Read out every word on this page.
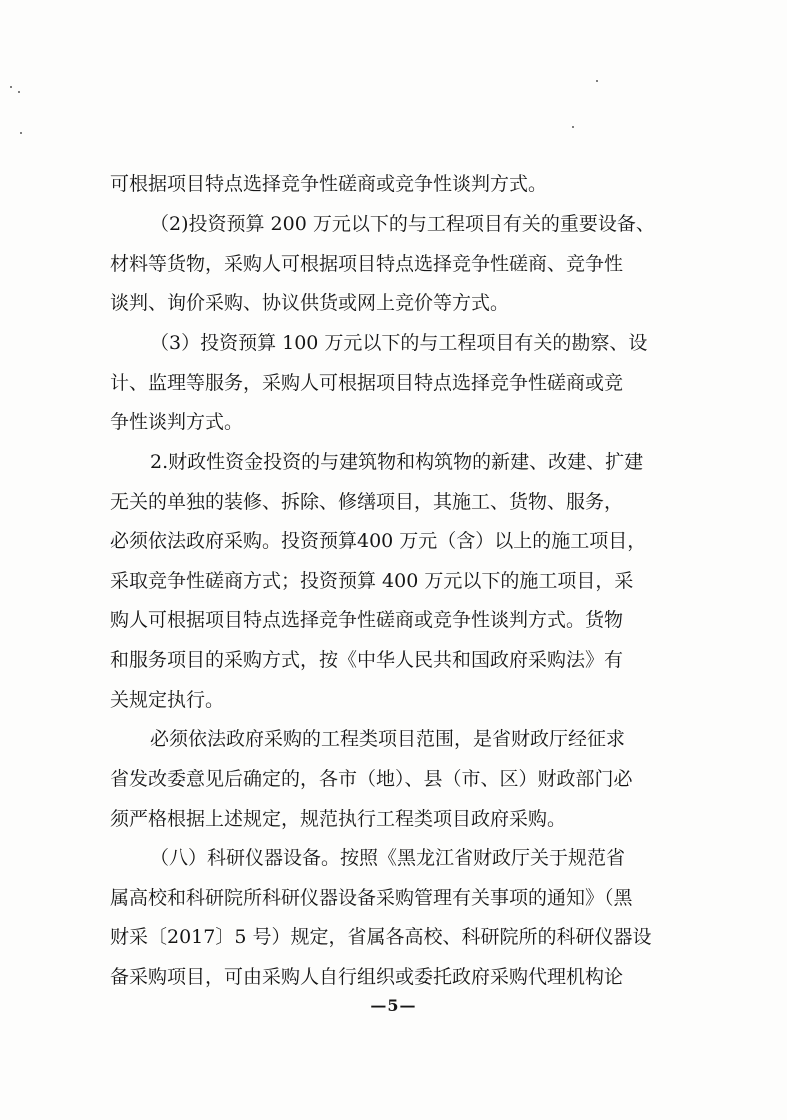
可根据项目特点选择竞争性磋商或竞争性谈判方式。
（2)投资预算 200 万元以下的与工程项目有关的重要设备、
材料等货物，采购人可根据项目特点选择竞争性磋商、竞争性
谈判、询价采购、协议供货或网上竞价等方式。
（3）投资预算 100 万元以下的与工程项目有关的勘察、设
计、监理等服务，采购人可根据项目特点选择竞争性磋商或竞
争性谈判方式。
2.财政性资金投资的与建筑物和构筑物的新建、改建、扩建
无关的单独的装修、拆除、修缮项目，其施工、货物、服务，
必须依法政府采购。投资预算400 万元（含）以上的施工项目，
采取竞争性磋商方式；投资预算 400 万元以下的施工项目，采
购人可根据项目特点选择竞争性磋商或竞争性谈判方式。货物
和服务项目的采购方式，按《中华人民共和国政府采购法》有
关规定执行。
必须依法政府采购的工程类项目范围，是省财政厅经征求
省发改委意见后确定的，各市（地）、县（市、区）财政部门必
须严格根据上述规定，规范执行工程类项目政府采购。
（八）科研仪器设备。按照《黑龙江省财政厅关于规范省
属高校和科研院所科研仪器设备采购管理有关事项的通知》（黑
财采〔2017〕5 号）规定，省属各高校、科研院所的科研仪器设
备采购项目，可由采购人自行组织或委托政府采购代理机构论
—5—
